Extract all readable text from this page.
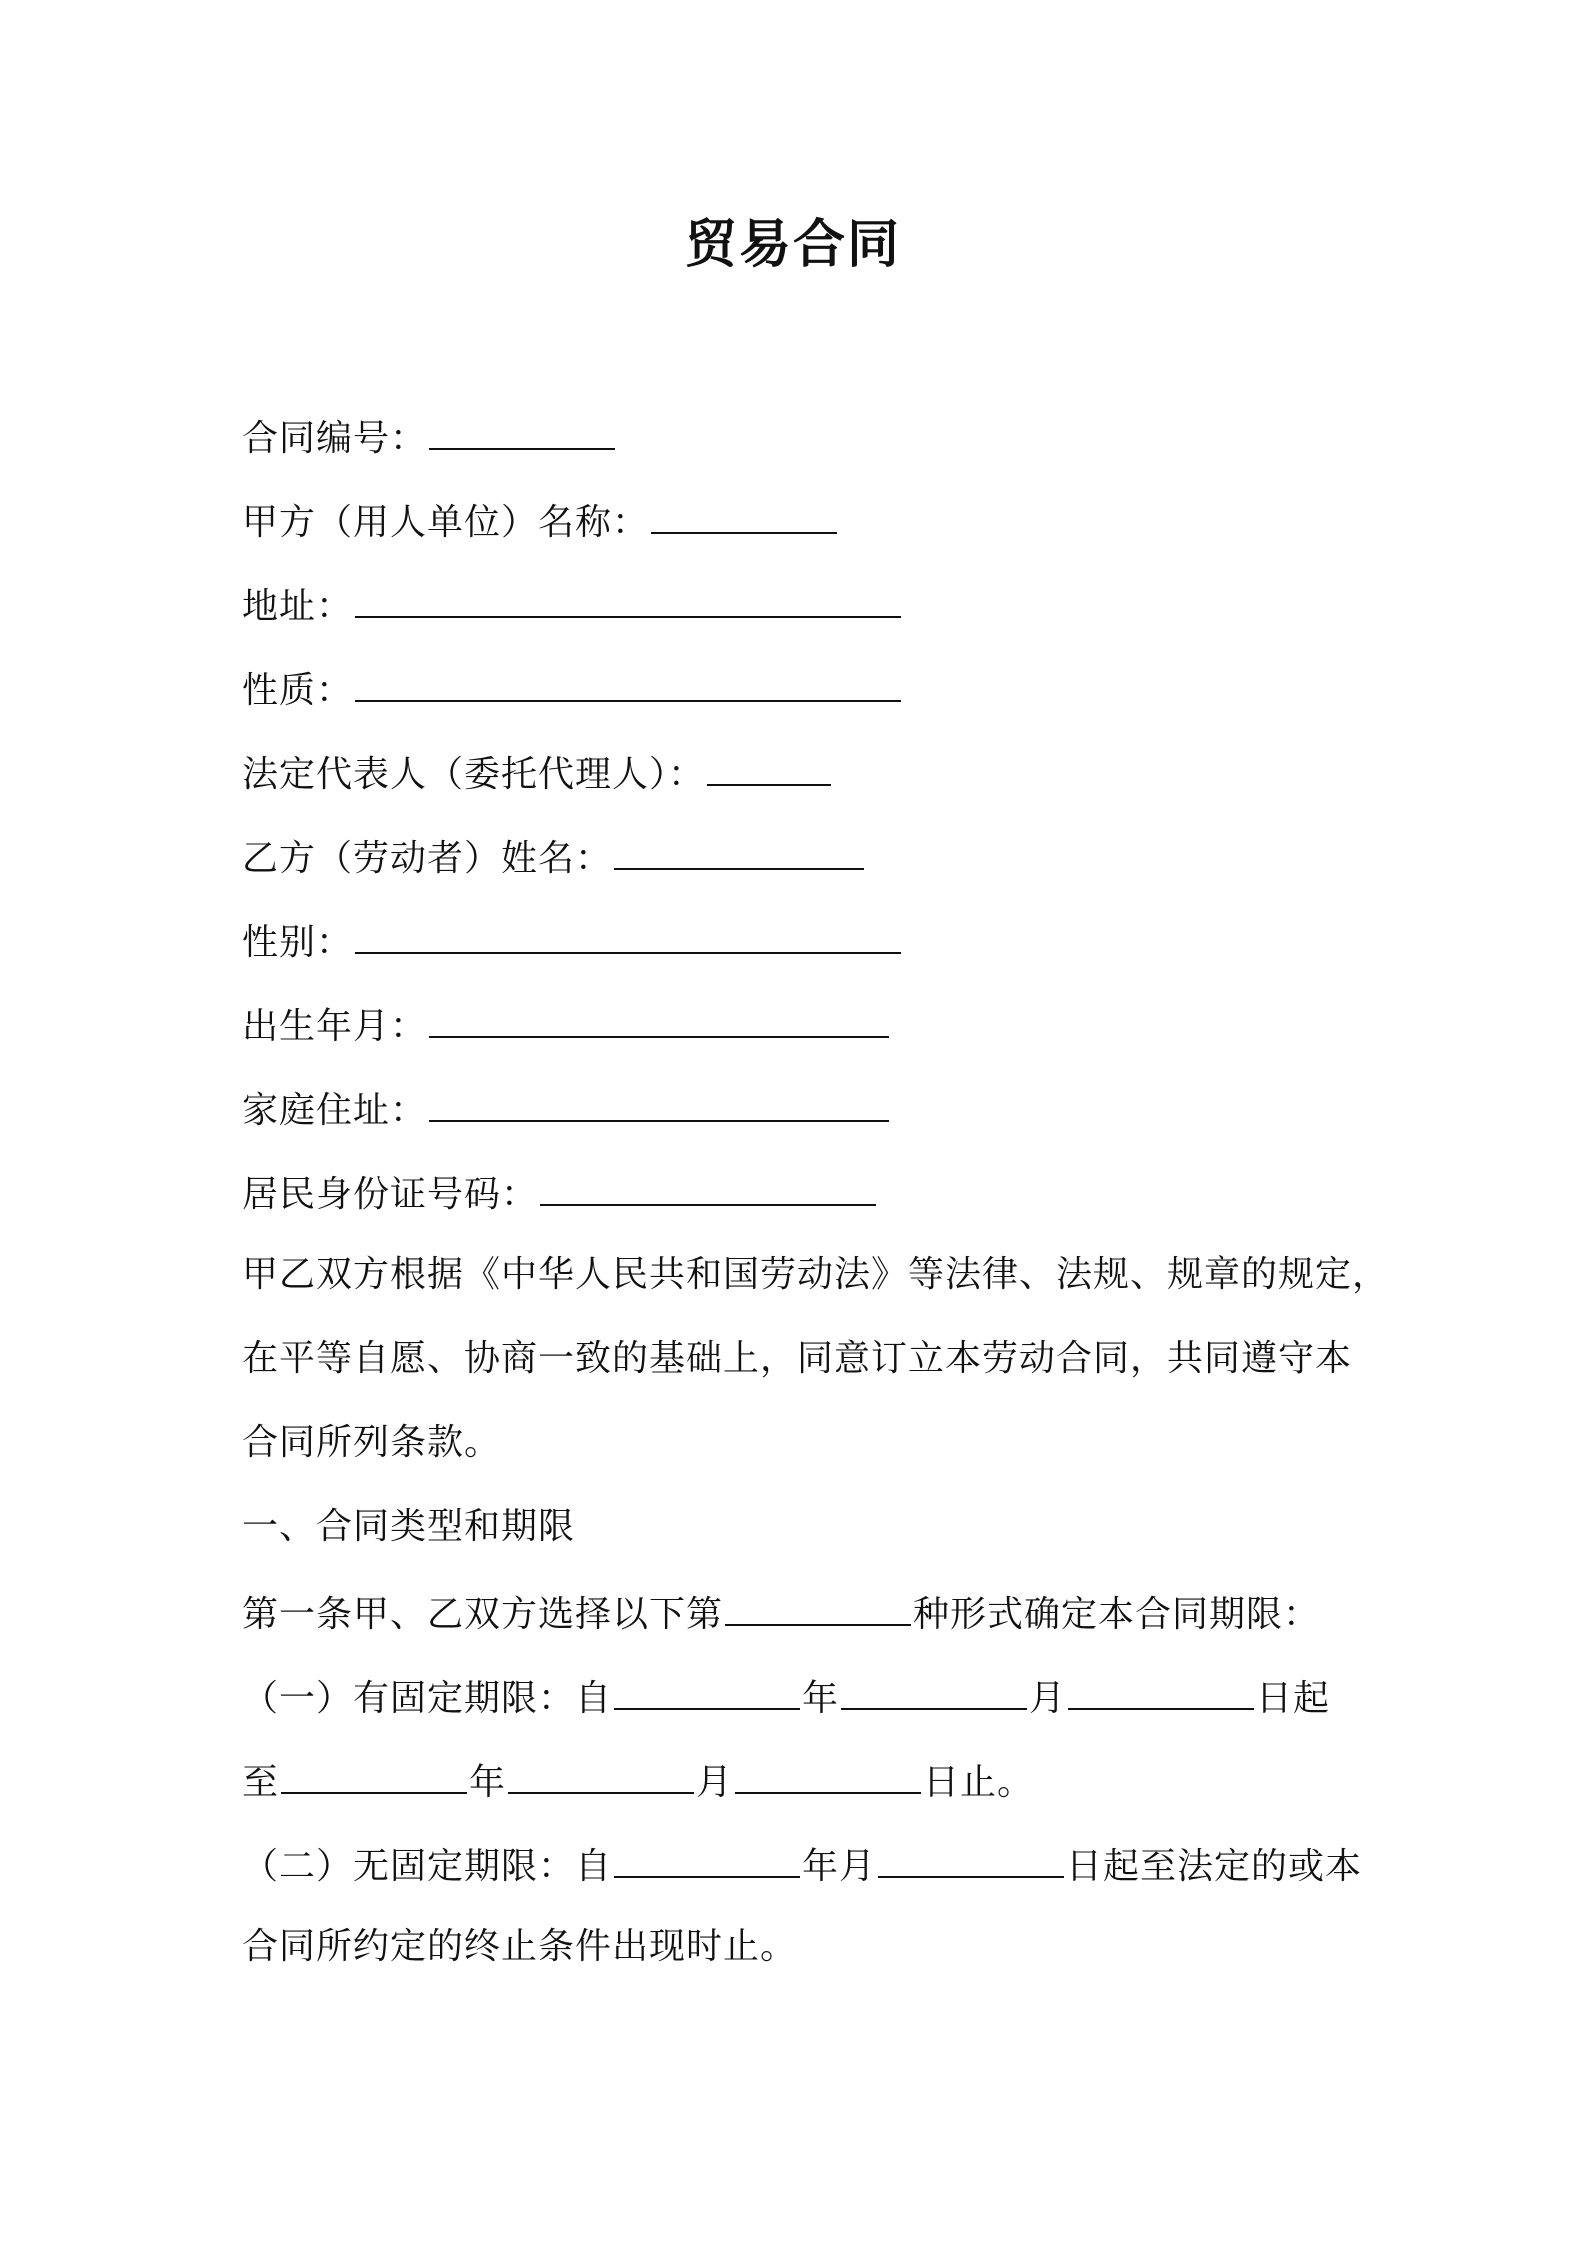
贸易合同
合同编号：
甲方（用人单位）名称：
地址：
性质：
法定代表人（委托代理人）：
乙方（劳动者）姓名：
性别：
出生年月：
家庭住址：
居民身份证号码：
甲乙双方根据《中华人民共和国劳动法》等法律、法规、规章的规定，
在平等自愿、协商一致的基础上，同意订立本劳动合同，共同遵守本
合同所列条款。
一、合同类型和期限
第一条甲、乙双方选择以下第	种形式确定本合同期限：
（一）有固定期限：自	年	月	日起
至	年	月	日止。
（二）无固定期限：自	年月	日起至法定的或本
合同所约定的终止条件出现时止。
